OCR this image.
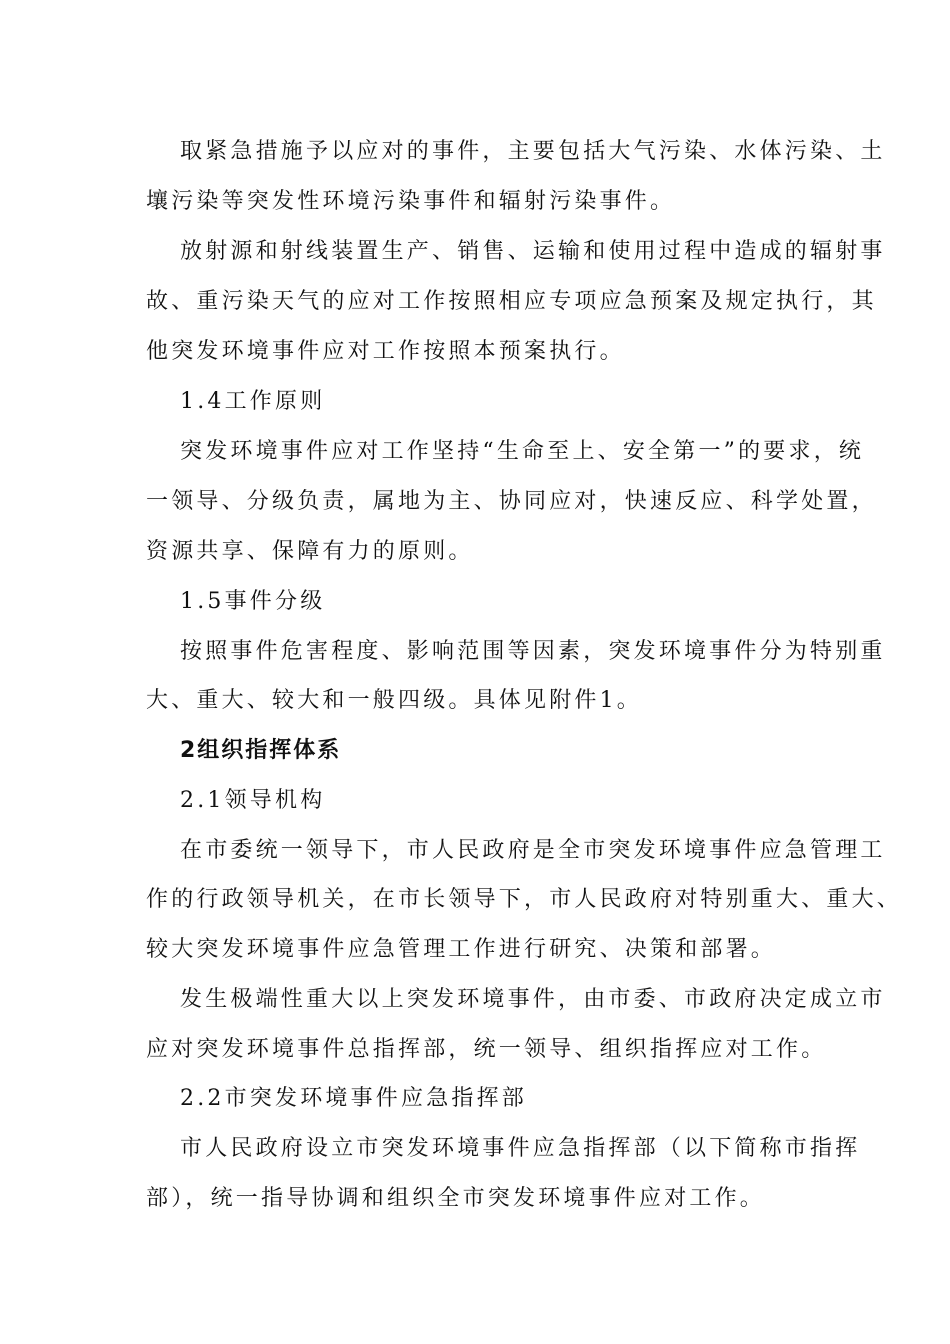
取紧急措施予以应对的事件，主要包括大气污染、水体污染、土
壤污染等突发性环境污染事件和辐射污染事件。
放射源和射线装置生产、销售、运输和使用过程中造成的辐射事
故、重污染天气的应对工作按照相应专项应急预案及规定执行，其
他突发环境事件应对工作按照本预案执行。
1.4工作原则
突发环境事件应对工作坚持“生命至上、安全第一”的要求，统
一领导、分级负责，属地为主、协同应对，快速反应、科学处置，
资源共享、保障有力的原则。
1.5事件分级
按照事件危害程度、影响范围等因素，突发环境事件分为特别重
大、重大、较大和一般四级。具体见附件1。
2组织指挥体系
2.1领导机构
在市委统一领导下，市人民政府是全市突发环境事件应急管理工
作的行政领导机关，在市长领导下，市人民政府对特别重大、重大、
较大突发环境事件应急管理工作进行研究、决策和部署。
发生极端性重大以上突发环境事件，由市委、市政府决定成立市
应对突发环境事件总指挥部，统一领导、组织指挥应对工作。
2.2市突发环境事件应急指挥部
市人民政府设立市突发环境事件应急指挥部（以下简称市指挥
部），统一指导协调和组织全市突发环境事件应对工作。
